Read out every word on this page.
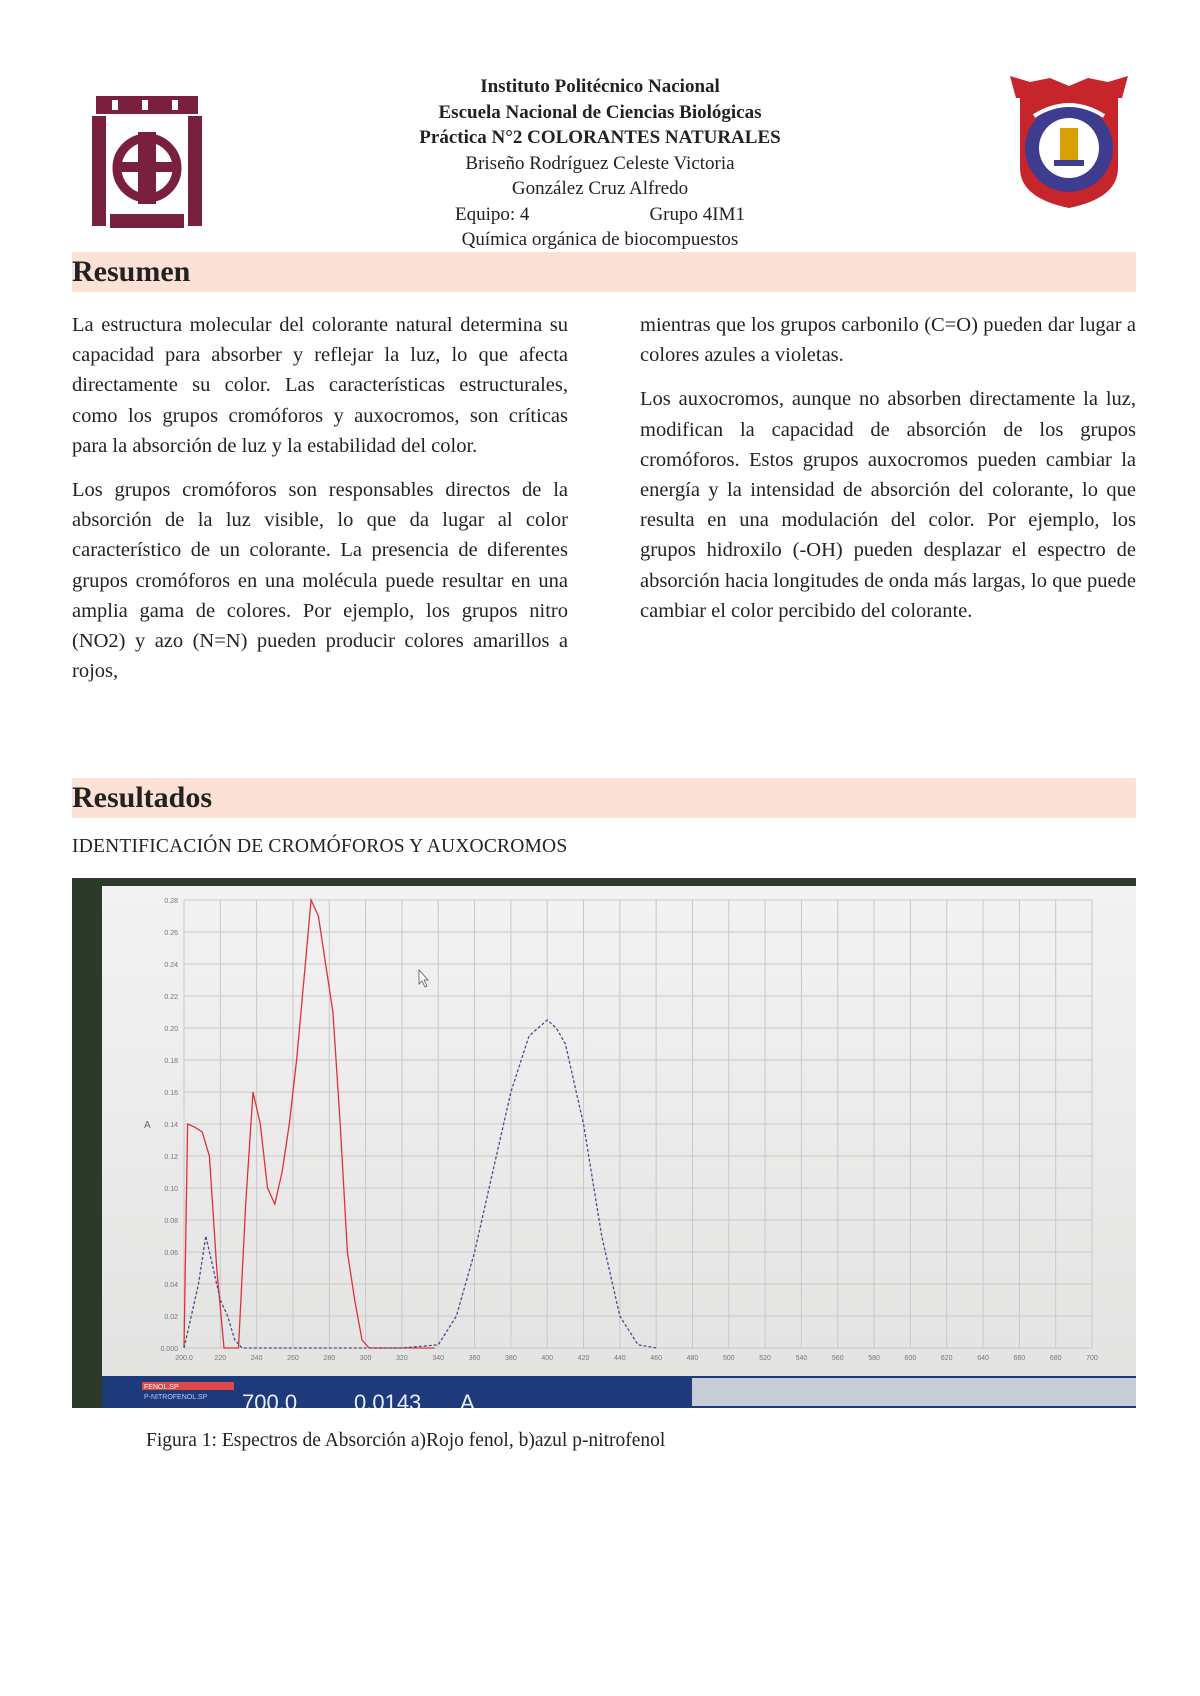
Instituto Politécnico Nacional
Escuela Nacional de Ciencias Biológicas
Práctica N°2 COLORANTES NATURALES
Briseño Rodríguez Celeste Victoria
González Cruz Alfredo
Equipo: 4	Grupo 4IM1
Química orgánica de biocompuestos
Resumen

La estructura molecular del colorante natural determina su capacidad para absorber y reflejar la luz, lo que afecta directamente su color. Las características estructurales, como los grupos cromóforos y auxocromos, son críticas para la absorción de luz y la estabilidad del color.

Los grupos cromóforos son responsables directos de la absorción de la luz visible, lo que da lugar al color característico de un colorante. La presencia de diferentes grupos cromóforos en una molécula puede resultar en una amplia gama de colores. Por ejemplo, los grupos nitro (NO2) y azo (N=N) pueden producir colores amarillos a rojos,

mientras que los grupos carbonilo (C=O) pueden dar lugar a colores azules a violetas.

Los auxocromos, aunque no absorben directamente la luz, modifican la capacidad de absorción de los grupos cromóforos. Estos grupos auxocromos pueden cambiar la energía y la intensidad de absorción del colorante, lo que resulta en una modulación del color. Por ejemplo, los grupos hidroxilo (-OH) pueden desplazar el espectro de absorción hacia longitudes de onda más largas, lo que puede cambiar el color percibido del colorante.

Resultados
IDENTIFICACIÓN DE CROMÓFOROS Y AUXOCROMOS
0.28
0.26
0.24
0.22
0.20
0.18
0.16
0.14
0.12
0.10
0.08
0.06
0.04
0.02
0.000
200.0	220	240	260	280	300	320	340	360	380	400	420	440	460	480	500	520	540	560	580	600	620	640	660	680	700
A
FENOL.SP
P-NITROFENOL.SP 700.0	0.0143 A
Figura 1: Espectros de Absorción a)Rojo fenol, b)azul p-nitrofenol
